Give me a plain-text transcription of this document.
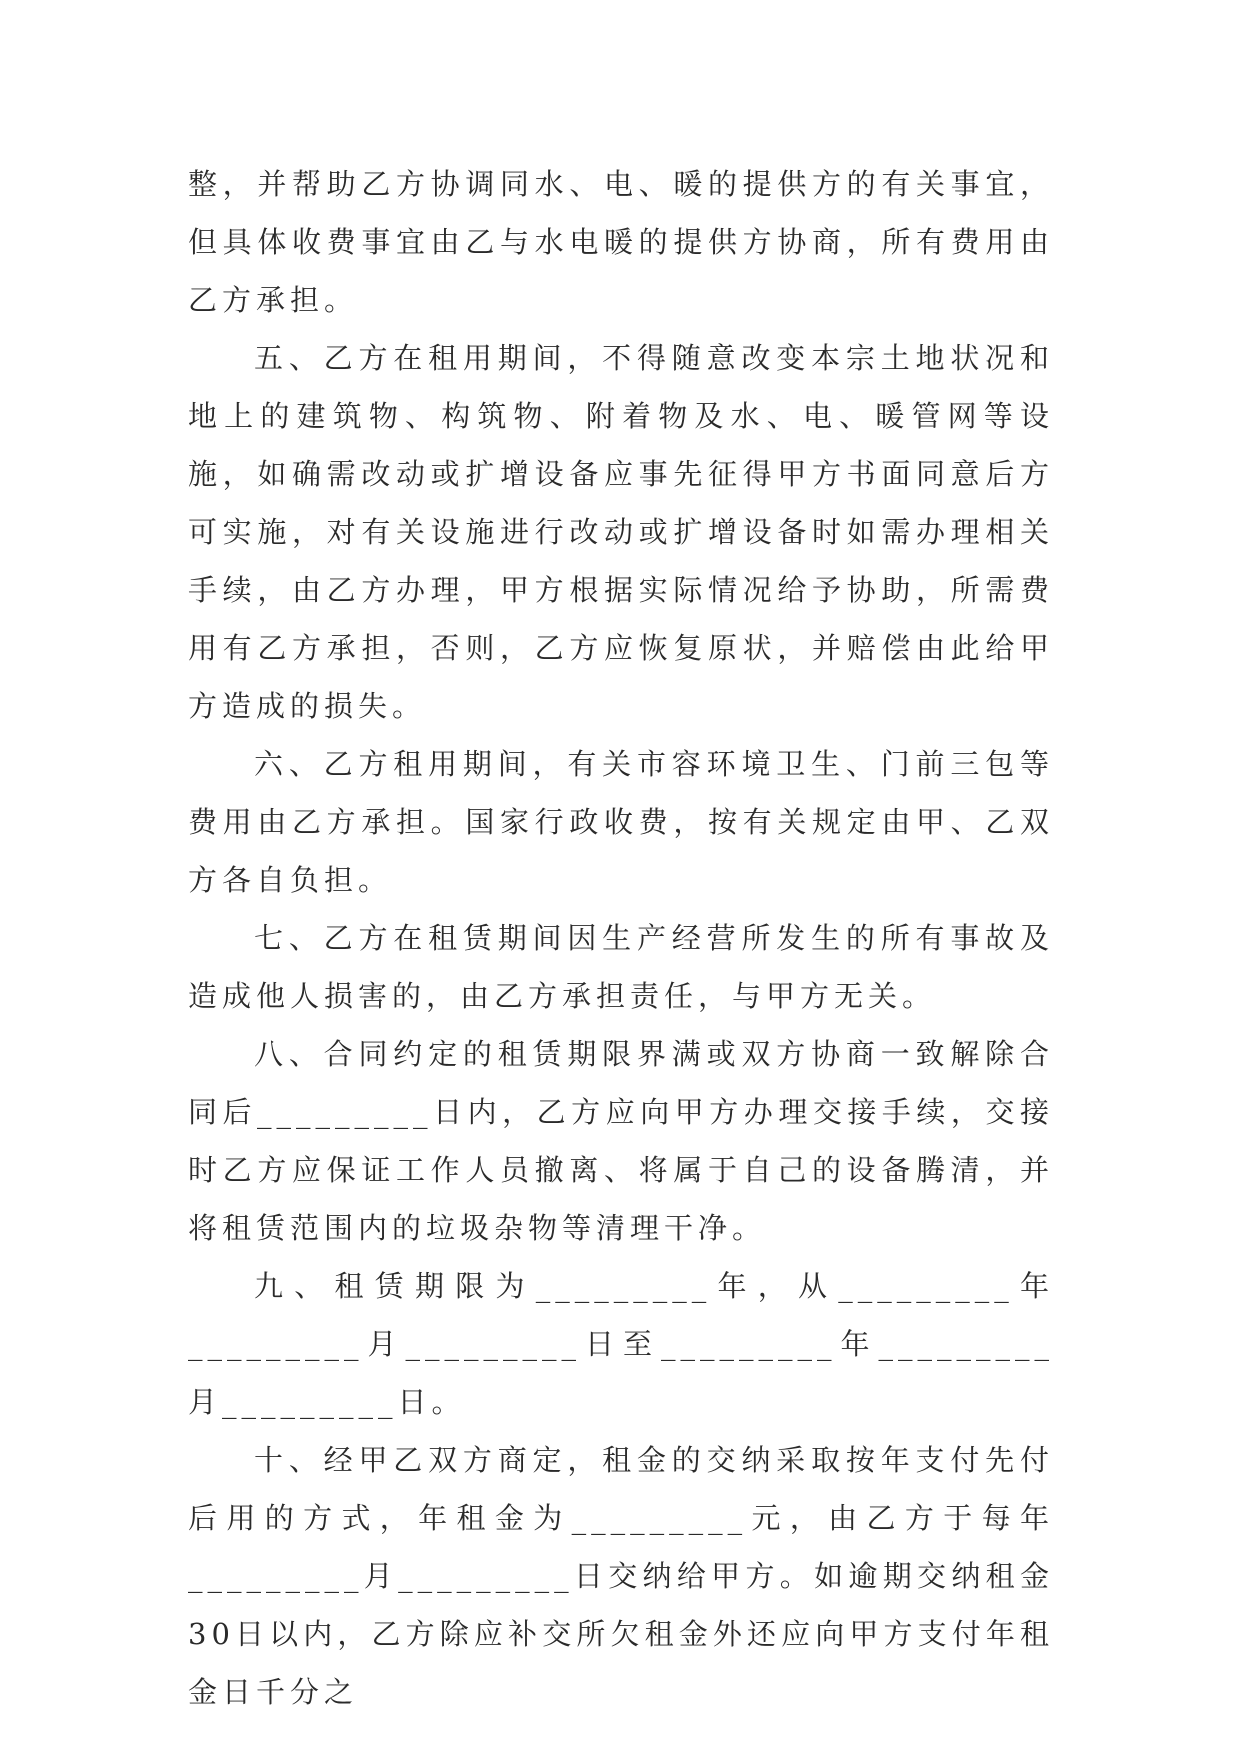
整，并帮助乙方协调同水、电、暖的提供方的有关事宜，但具体收费事宜由乙与水电暖的提供方协商，所有费用由乙方承担。

五、乙方在租用期间，不得随意改变本宗土地状况和地上的建筑物、构筑物、附着物及水、电、暖管网等设施，如确需改动或扩增设备应事先征得甲方书面同意后方可实施，对有关设施进行改动或扩增设备时如需办理相关手续，由乙方办理，甲方根据实际情况给予协助，所需费用有乙方承担，否则，乙方应恢复原状，并赔偿由此给甲方造成的损失。

六、乙方租用期间，有关市容环境卫生、门前三包等费用由乙方承担。国家行政收费，按有关规定由甲、乙双方各自负担。

七、乙方在租赁期间因生产经营所发生的所有事故及造成他人损害的，由乙方承担责任，与甲方无关。

八、合同约定的租赁期限界满或双方协商一致解除合同后_________日内，乙方应向甲方办理交接手续，交接时乙方应保证工作人员撤离、将属于自己的设备腾清，并将租赁范围内的垃圾杂物等清理干净。

九、租赁期限为_________年，从_________年_________月_________日至_________年_________月_________日。

十、经甲乙双方商定，租金的交纳采取按年支付先付后用的方式，年租金为_________元，由乙方于每年_________月_________日交纳给甲方。如逾期交纳租金30日以内，乙方除应补交所欠租金外还应向甲方支付年租金日千分之
